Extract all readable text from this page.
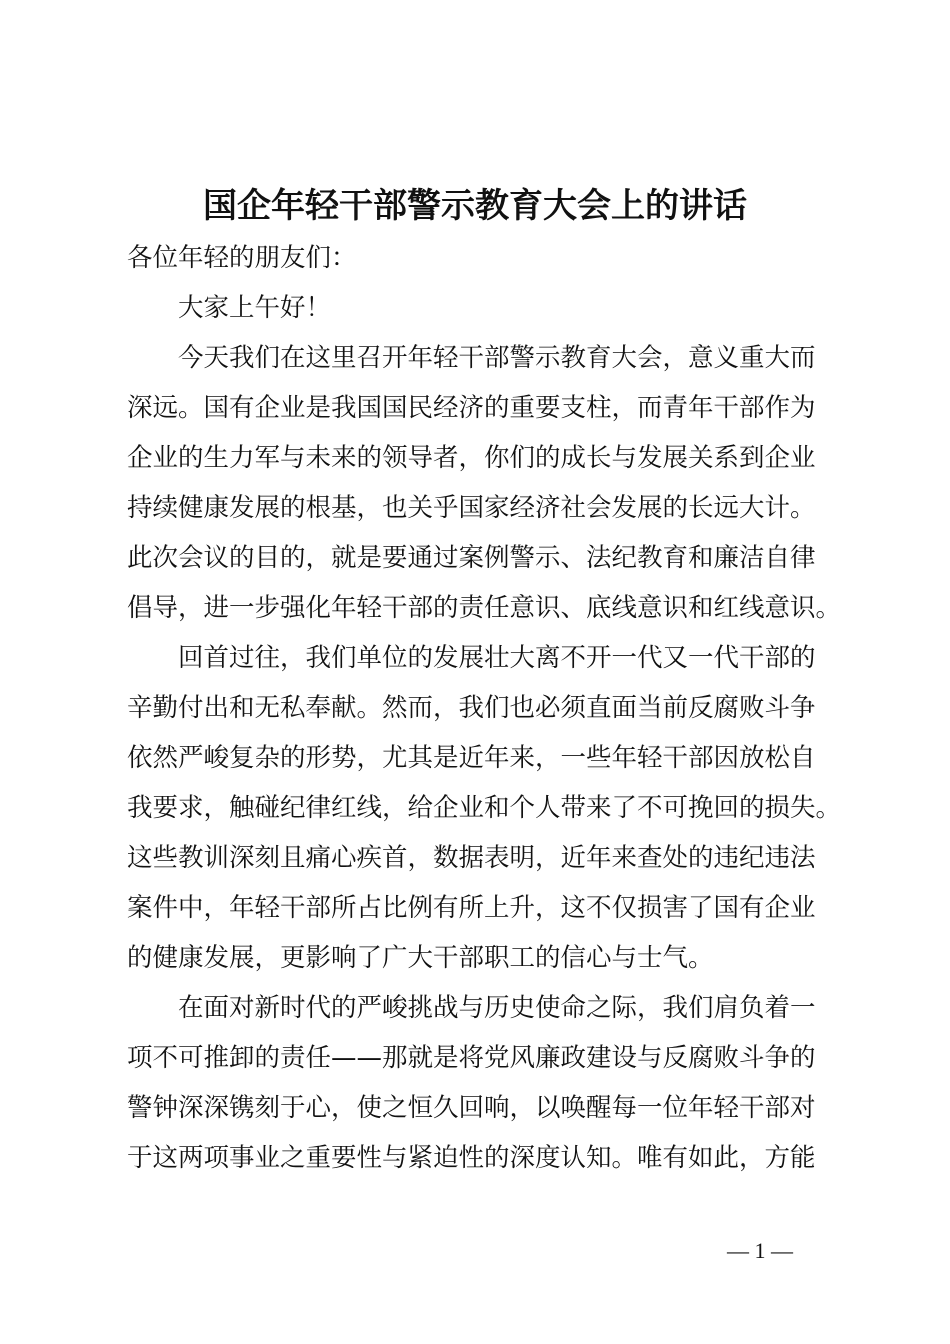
国企年轻干部警示教育大会上的讲话
各位年轻的朋友们：
　　大家上午好！
　　今天我们在这里召开年轻干部警示教育大会，意义重大而
深远。国有企业是我国国民经济的重要支柱，而青年干部作为
企业的生力军与未来的领导者，你们的成长与发展关系到企业
持续健康发展的根基，也关乎国家经济社会发展的长远大计。
此次会议的目的，就是要通过案例警示、法纪教育和廉洁自律
倡导，进一步强化年轻干部的责任意识、底线意识和红线意识。
　　回首过往，我们单位的发展壮大离不开一代又一代干部的
辛勤付出和无私奉献。然而，我们也必须直面当前反腐败斗争
依然严峻复杂的形势，尤其是近年来，一些年轻干部因放松自
我要求，触碰纪律红线，给企业和个人带来了不可挽回的损失。
这些教训深刻且痛心疾首，数据表明，近年来查处的违纪违法
案件中，年轻干部所占比例有所上升，这不仅损害了国有企业
的健康发展，更影响了广大干部职工的信心与士气。
　　在面对新时代的严峻挑战与历史使命之际，我们肩负着一
项不可推卸的责任——那就是将党风廉政建设与反腐败斗争的
警钟深深镌刻于心，使之恒久回响，以唤醒每一位年轻干部对
于这两项事业之重要性与紧迫性的深度认知。唯有如此，方能
— 1 —
